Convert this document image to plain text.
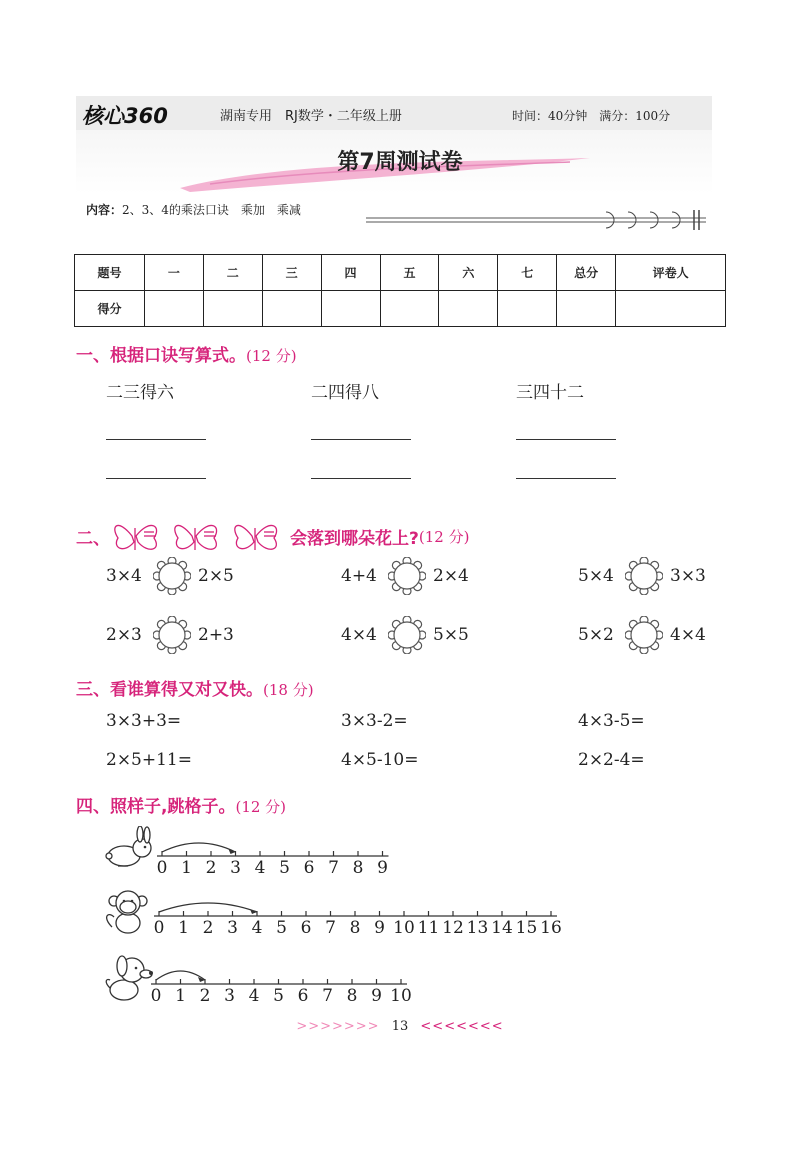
核心360	湖南专用　RJ数学・二年级上册	时间：40分钟　满分：100分
第7周测试卷
内容：2、3、4的乘法口诀　乘加　乘减
题号	一	二	三	四	五	六	七	总分	评卷人
得分									
一、根据口诀写算式。(12 分)
二三得六	二四得八	三四十二
二、	会落到哪朵花上? (12 分)
3×4	2×5	4+4	2×4	5×4	3×3
2×3	2+3	4×4	5×5	5×2	4×4
三、看谁算得又对又快。(18 分)
3×3+3=	3×3-2=	4×3-5=
2×5+11=	4×5-10=	2×2-4=
四、照样子,跳格子。(12 分)
0 1 2 3 4 5 6 7 8 9
0 1 2 3 4 5 6 7 8 9 10 11 12 13 14 15 16
0 1 2 3 4 5 6 7 8 9 10
>>>>>>> 13 <<<<<<<
